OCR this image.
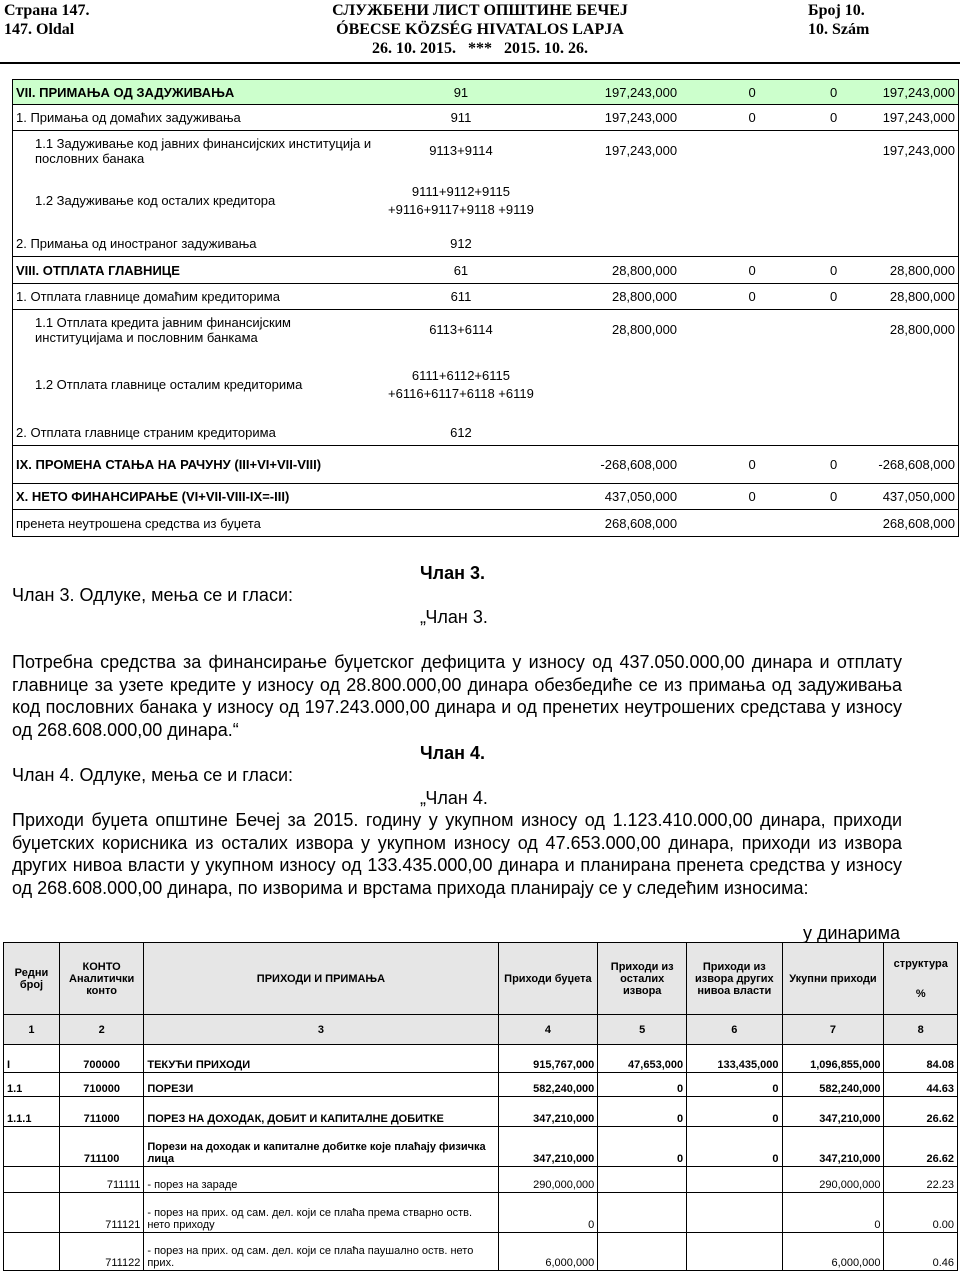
Страна 147.
147. Oldal
СЛУЖБЕНИ ЛИСТ ОПШТИНЕ БЕЧЕЈ
ÓBECSE KÖZSÉG HIVATALOS LAPJA
26. 10. 2015.   ***   2015. 10. 26.
Број 10.
10. Szám
VII. ПРИМАЊА ОД ЗАДУЖИВАЊА	91	197,243,000	0	0	197,243,000
1. Примања од домаћих задуживања	911	197,243,000	0	0	197,243,000
1.1 Задуживање код јавних финансијских институција и пословних банака	9113+9114	197,243,000			197,243,000
1.2 Задуживање код осталих кредитора	9111+9112+9115 +9116+9117+9118 +9119				
2. Примања од иностраног задуживања	912				
VIII. ОТПЛАТА ГЛАВНИЦЕ	61	28,800,000	0	0	28,800,000
1. Отплата главнице домаћим кредиторима	611	28,800,000	0	0	28,800,000
1.1 Отплата кредита јавним финансијским институцијама и пословним банкама	6113+6114	28,800,000			28,800,000
1.2 Отплата главнице осталим кредиторима	6111+6112+6115 +6116+6117+6118 +6119				
2. Отплата главнице страним кредиторима	612				
IX. ПРОМЕНА СТАЊА НА РАЧУНУ (III+VI+VII-VIII)		-268,608,000	0	0	-268,608,000
X. НЕТО ФИНАНСИРАЊЕ (VI+VII-VIII-IX=-III)		437,050,000	0	0	437,050,000
пренета неутрошена средства из буџета		268,608,000			268,608,000
Члан 3.
Члан 3. Одлуке, мења се и гласи:
„Члан 3.
Потребна средства за финансирање буџетског дефицита у износу од 437.050.000,00 динара и отплату главнице за узете кредите у износу од 28.800.000,00 динара обезбедиће се из примања од задуживања код пословних банака у износу од 197.243.000,00 динара и од пренетих неутрошених средстава у износу од 268.608.000,00 динара.“
Члан 4.
Члан 4. Одлуке, мења се и гласи:
„Члан 4.
Приходи буџета општине Бечеј за 2015. годину у укупном износу од 1.123.410.000,00 динара, приходи буџетских корисника из осталих извора у укупном износу од 47.653.000,00 динара, приходи из извора других нивоа власти у укупном износу од 133.435.000,00 динара и планирана пренета средства у износу од 268.608.000,00 динара, по изворима и врстама прихода планирају се у следећим износима:
у динарима
Редни број	КОНТО Аналитички конто	ПРИХОДИ И ПРИМАЊА	Приходи буџета	Приходи из осталих извора	Приходи из извора других нивоа власти	Укупни приходи	структура
%

1	2	3	4	5	6	7	8
I	700000	ТЕКУЋИ ПРИХОДИ	915,767,000	47,653,000	133,435,000	1,096,855,000	84.08
1.1	710000	ПОРЕЗИ	582,240,000	0	0	582,240,000	44.63
1.1.1	711000	ПОРЕЗ НА ДОХОДАК, ДОБИТ И КАПИТАЛНЕ ДОБИТКЕ	347,210,000	0	0	347,210,000	26.62
	711100	Порези на доходак и капиталне добитке које плаћају физичка лица	347,210,000	0	0	347,210,000	26.62
	711111	- порез на зараде	290,000,000			290,000,000	22.23
	711121	- порез на прих. од сам. дел. који се плаћа према стварно оств. нето приходу	0			0	0.00
	711122	- порез на прих. од сам. дел. који се плаћа паушално оств. нето прих.	6,000,000			6,000,000	0.46
